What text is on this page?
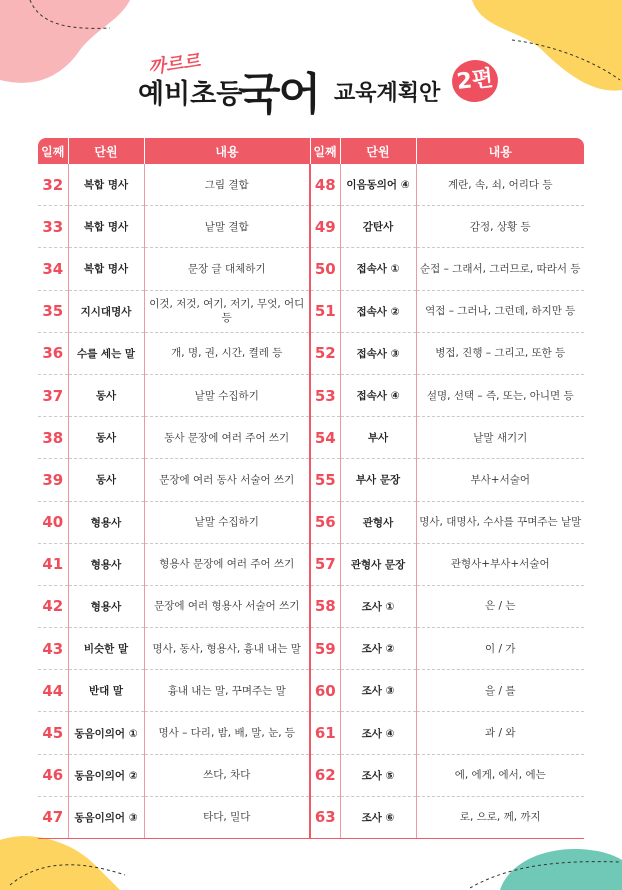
까르르
예비초등
국어 교육계획안 2편
일째	단원	내용	일째	단원	내용
32	복합 명사	그림 결합	48	이음동의어 ④	계란, 속, 쇠, 어리다 등
33	복합 명사	낱말 결합	49	감탄사	감정, 상황 등
34	복합 명사	문장 글 대체하기	50	접속사 ①	순접 – 그래서, 그러므로, 따라서 등
35	지시대명사	이것, 저것, 여기, 저기, 무엇, 어디 등	51	접속사 ②	역접 – 그러나, 그런데, 하지만 등
36	수를 세는 말	개, 명, 권, 시간, 켤레 등	52	접속사 ③	병접, 진행 – 그리고, 또한 등
37	동사	낱말 수집하기	53	접속사 ④	설명, 선택 – 즉, 또는, 아니면 등
38	동사	동사 문장에 여러 주어 쓰기	54	부사	낱말 새기기
39	동사	문장에 여러 동사 서술어 쓰기	55	부사 문장	부사+서술어
40	형용사	낱말 수집하기	56	관형사	명사, 대명사, 수사를 꾸며주는 낱말
41	형용사	형용사 문장에 여러 주어 쓰기	57	관형사 문장	관형사+부사+서술어
42	형용사	문장에 여러 형용사 서술어 쓰기	58	조사 ①	은 / 는
43	비슷한 말	명사, 동사, 형용사, 흉내 내는 말	59	조사 ②	이 / 가
44	반대 말	흉내 내는 말, 꾸며주는 말	60	조사 ③	을 / 를
45	동음이의어 ①	명사 – 다리, 밤, 배, 말, 눈, 등	61	조사 ④	과 / 와
46	동음이의어 ②	쓰다, 차다	62	조사 ⑤	에, 에게, 에서, 에는
47	동음이의어 ③	타다, 밀다	63	조사 ⑥	로, 으로, 께, 까지
